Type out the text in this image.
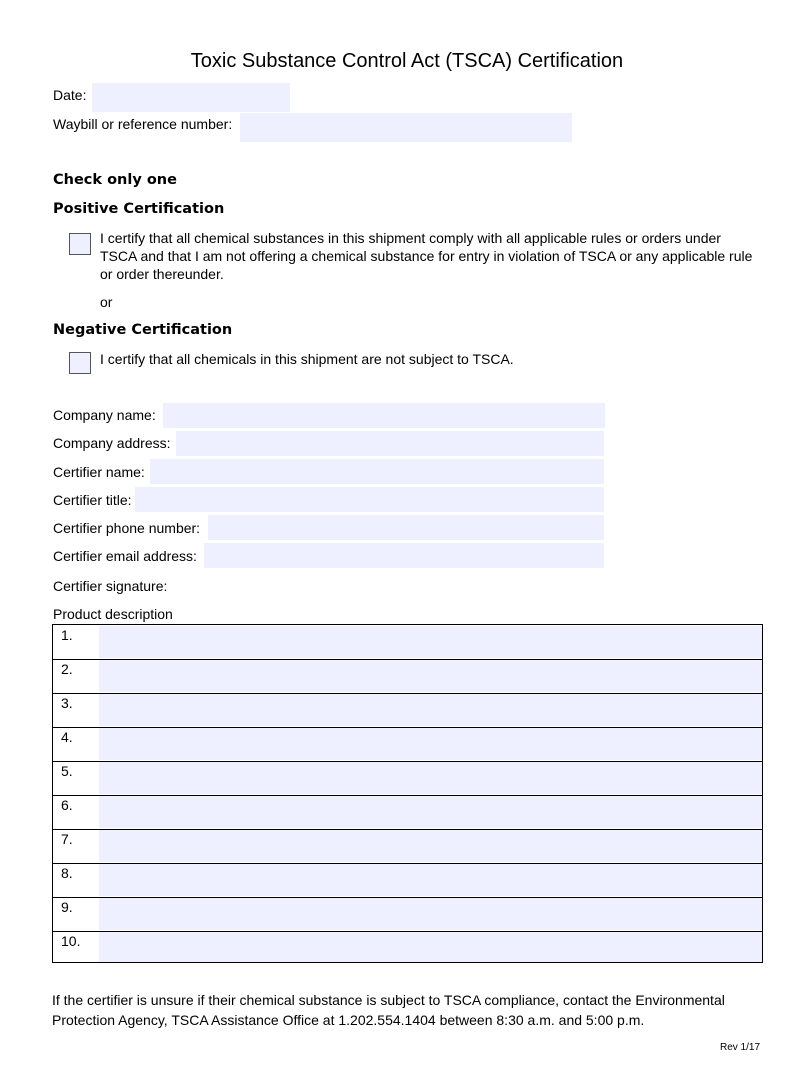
Toxic Substance Control Act (TSCA) Certification
Date:
Waybill or reference number:
Check only one
Positive Certification
I certify that all chemical substances in this shipment comply with all applicable rules or orders under TSCA and that I am not offering a chemical substance for entry in violation of TSCA or any applicable rule or order thereunder.
or
Negative Certification
I certify that all chemicals in this shipment are not subject to TSCA.
Company name:
Company address:
Certifier name:
Certifier title:
Certifier phone number:
Certifier email address:
Certifier signature:
Product description
1.
2.
3.
4.
5.
6.
7.
8.
9.
10.
If the certifier is unsure if their chemical substance is subject to TSCA compliance, contact the Environmental Protection Agency, TSCA Assistance Office at 1.202.554.1404 between 8:30 a.m. and 5:00 p.m.
Rev 1/17
